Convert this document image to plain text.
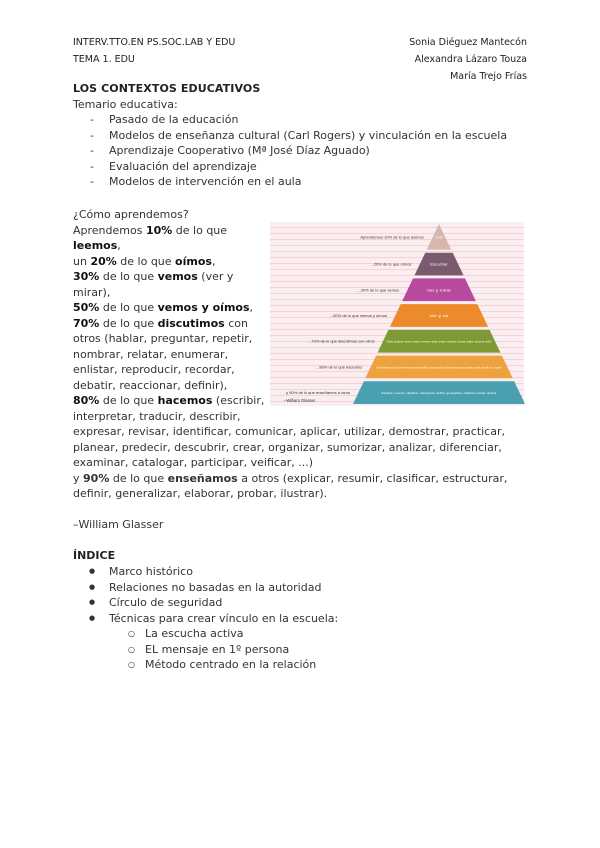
INTERV.TTO.EN PS.SOC.LAB Y EDU
TEMA 1. EDU
Sonia Diéguez Mantecón
Alexandra Lázaro Touza
María Trejo Frías
LOS CONTEXTOS EDUCATIVOS
Temario educativa:
- Pasado de la educación
- Modelos de enseñanza cultural (Carl Rogers) y vinculación en la escuela
- Aprendizaje Cooperativo (Mª José Díaz Aguado)
- Evaluación del aprendizaje
- Modelos de intervención en el aula
¿Cómo aprendemos?
Aprendemos 10% de lo que leemos,
un 20% de lo que oímos,
30% de lo que vemos (ver y mirar),
50% de lo que vemos y oímos,
70% de lo que discutimos con otros (hablar, preguntar, repetir, nombrar, relatar, enumerar, enlistar, reproducir, recordar, debatir, reaccionar, definir),
80% de lo que hacemos (escribir, interpretar, traducir, describir,
Leer
Aprendemos 10% de lo que leemos
Escuchar
...20% de lo que oímos
Ver y mirar
...30% de lo que vemos
Ver y oír
...50% de lo que vemos y oímos
Hablar, preguntar, repetir, nombrar, enumerar, relatar, enlistar, reproducir, recordar, debatir, reaccionar, definir
...70% de lo que discutimos con otros
Escribir, interpretar, traducir, describir, expresar, revisar, identificar, comunicar, aplicar, utilizar, demostrar, practicar, planear, predecir, descubrir, crear, organizar
...80% de lo que hacemos
Explicar, resumir, clasificar, estructurar, definir, generalizar, elaborar, probar, ilustrar
y 90% de lo que enseñamos a otros
–William Glasser
expresar, revisar, identificar, comunicar, aplicar, utilizar, demostrar, practicar, planear, predecir, descubrir, crear, organizar, sumorizar, analizar, diferenciar, examinar, catalogar, participar, veificar, ...)
y 90% de lo que enseñamos a otros (explicar, resumir, clasificar, estructurar, definir, generalizar, elaborar, probar, ilustrar).
–William Glasser
ÍNDICE
● Marco histórico
● Relaciones no basadas en la autoridad
● Círculo de seguridad
● Técnicas para crear vínculo en la escuela:
○ La escucha activa
○ EL mensaje en 1º persona
○ Método centrado en la relación
